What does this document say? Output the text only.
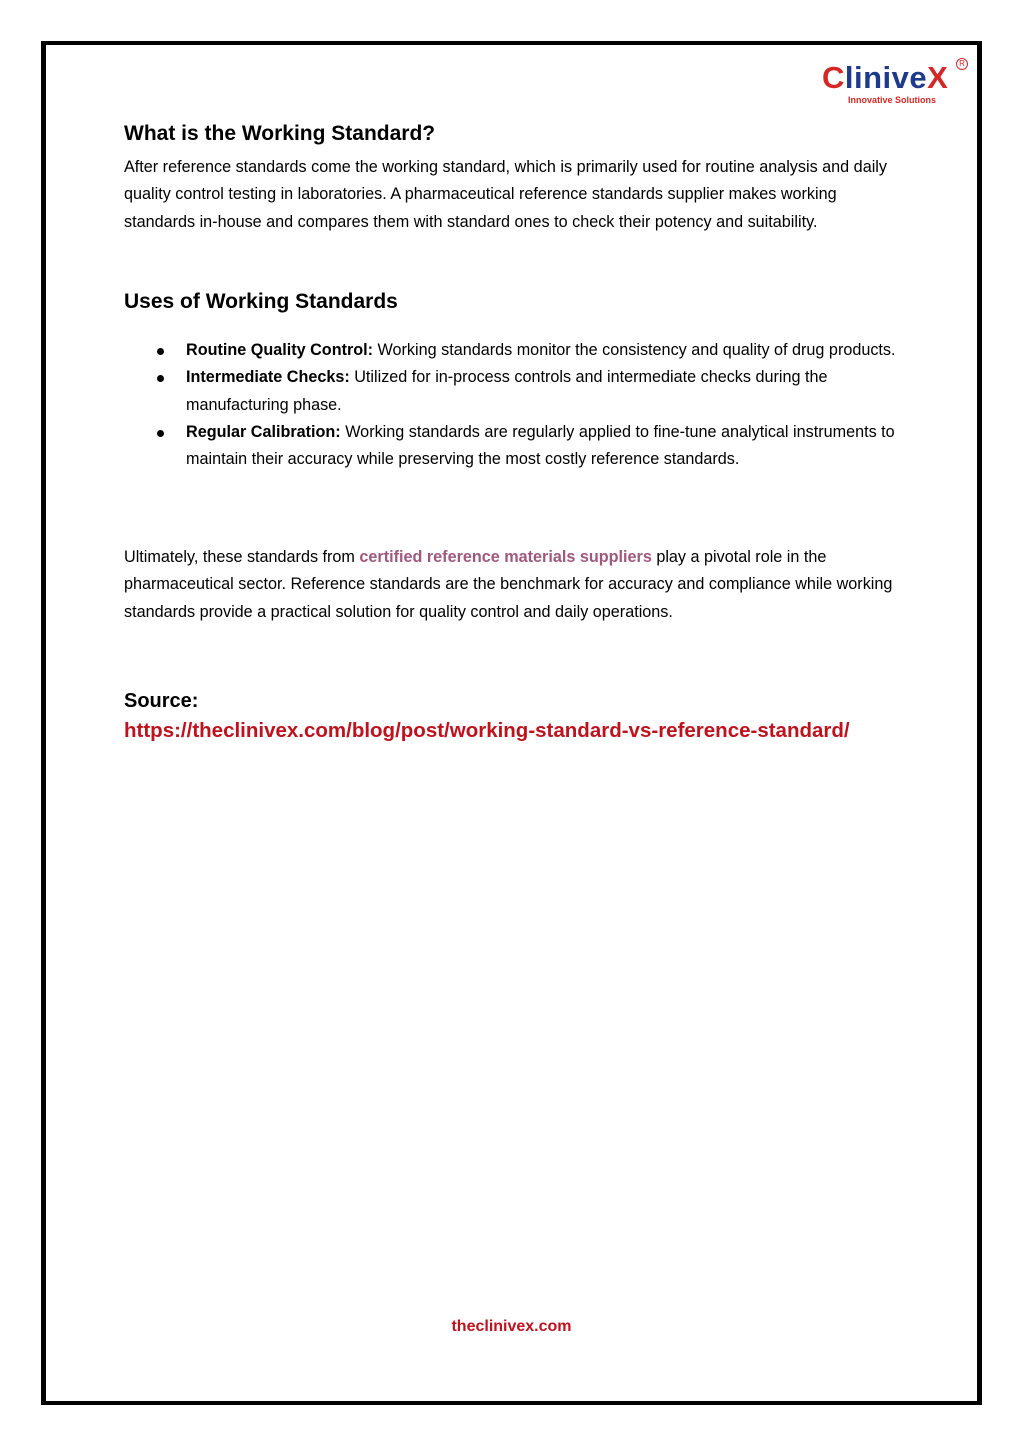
CliniveX	R
Innovative Solutions
What is the Working Standard?

After reference standards come the working standard, which is primarily used for routine analysis and daily quality control testing in laboratories. A pharmaceutical reference standards supplier makes working standards in-house and compares them with standard ones to check their potency and suitability.

Uses of Working Standards
Routine Quality Control: Working standards monitor the consistency and quality of drug products.
Intermediate Checks: Utilized for in-process controls and intermediate checks during the manufacturing phase.
Regular Calibration: Working standards are regularly applied to fine-tune analytical instruments to maintain their accuracy while preserving the most costly reference standards.

Ultimately, these standards from certified reference materials suppliers play a pivotal role in the pharmaceutical sector. Reference standards are the benchmark for accuracy and compliance while working standards provide a practical solution for quality control and daily operations.

Source:
https://theclinivex.com/blog/post/working-standard-vs-reference-standard/
theclinivex.com
